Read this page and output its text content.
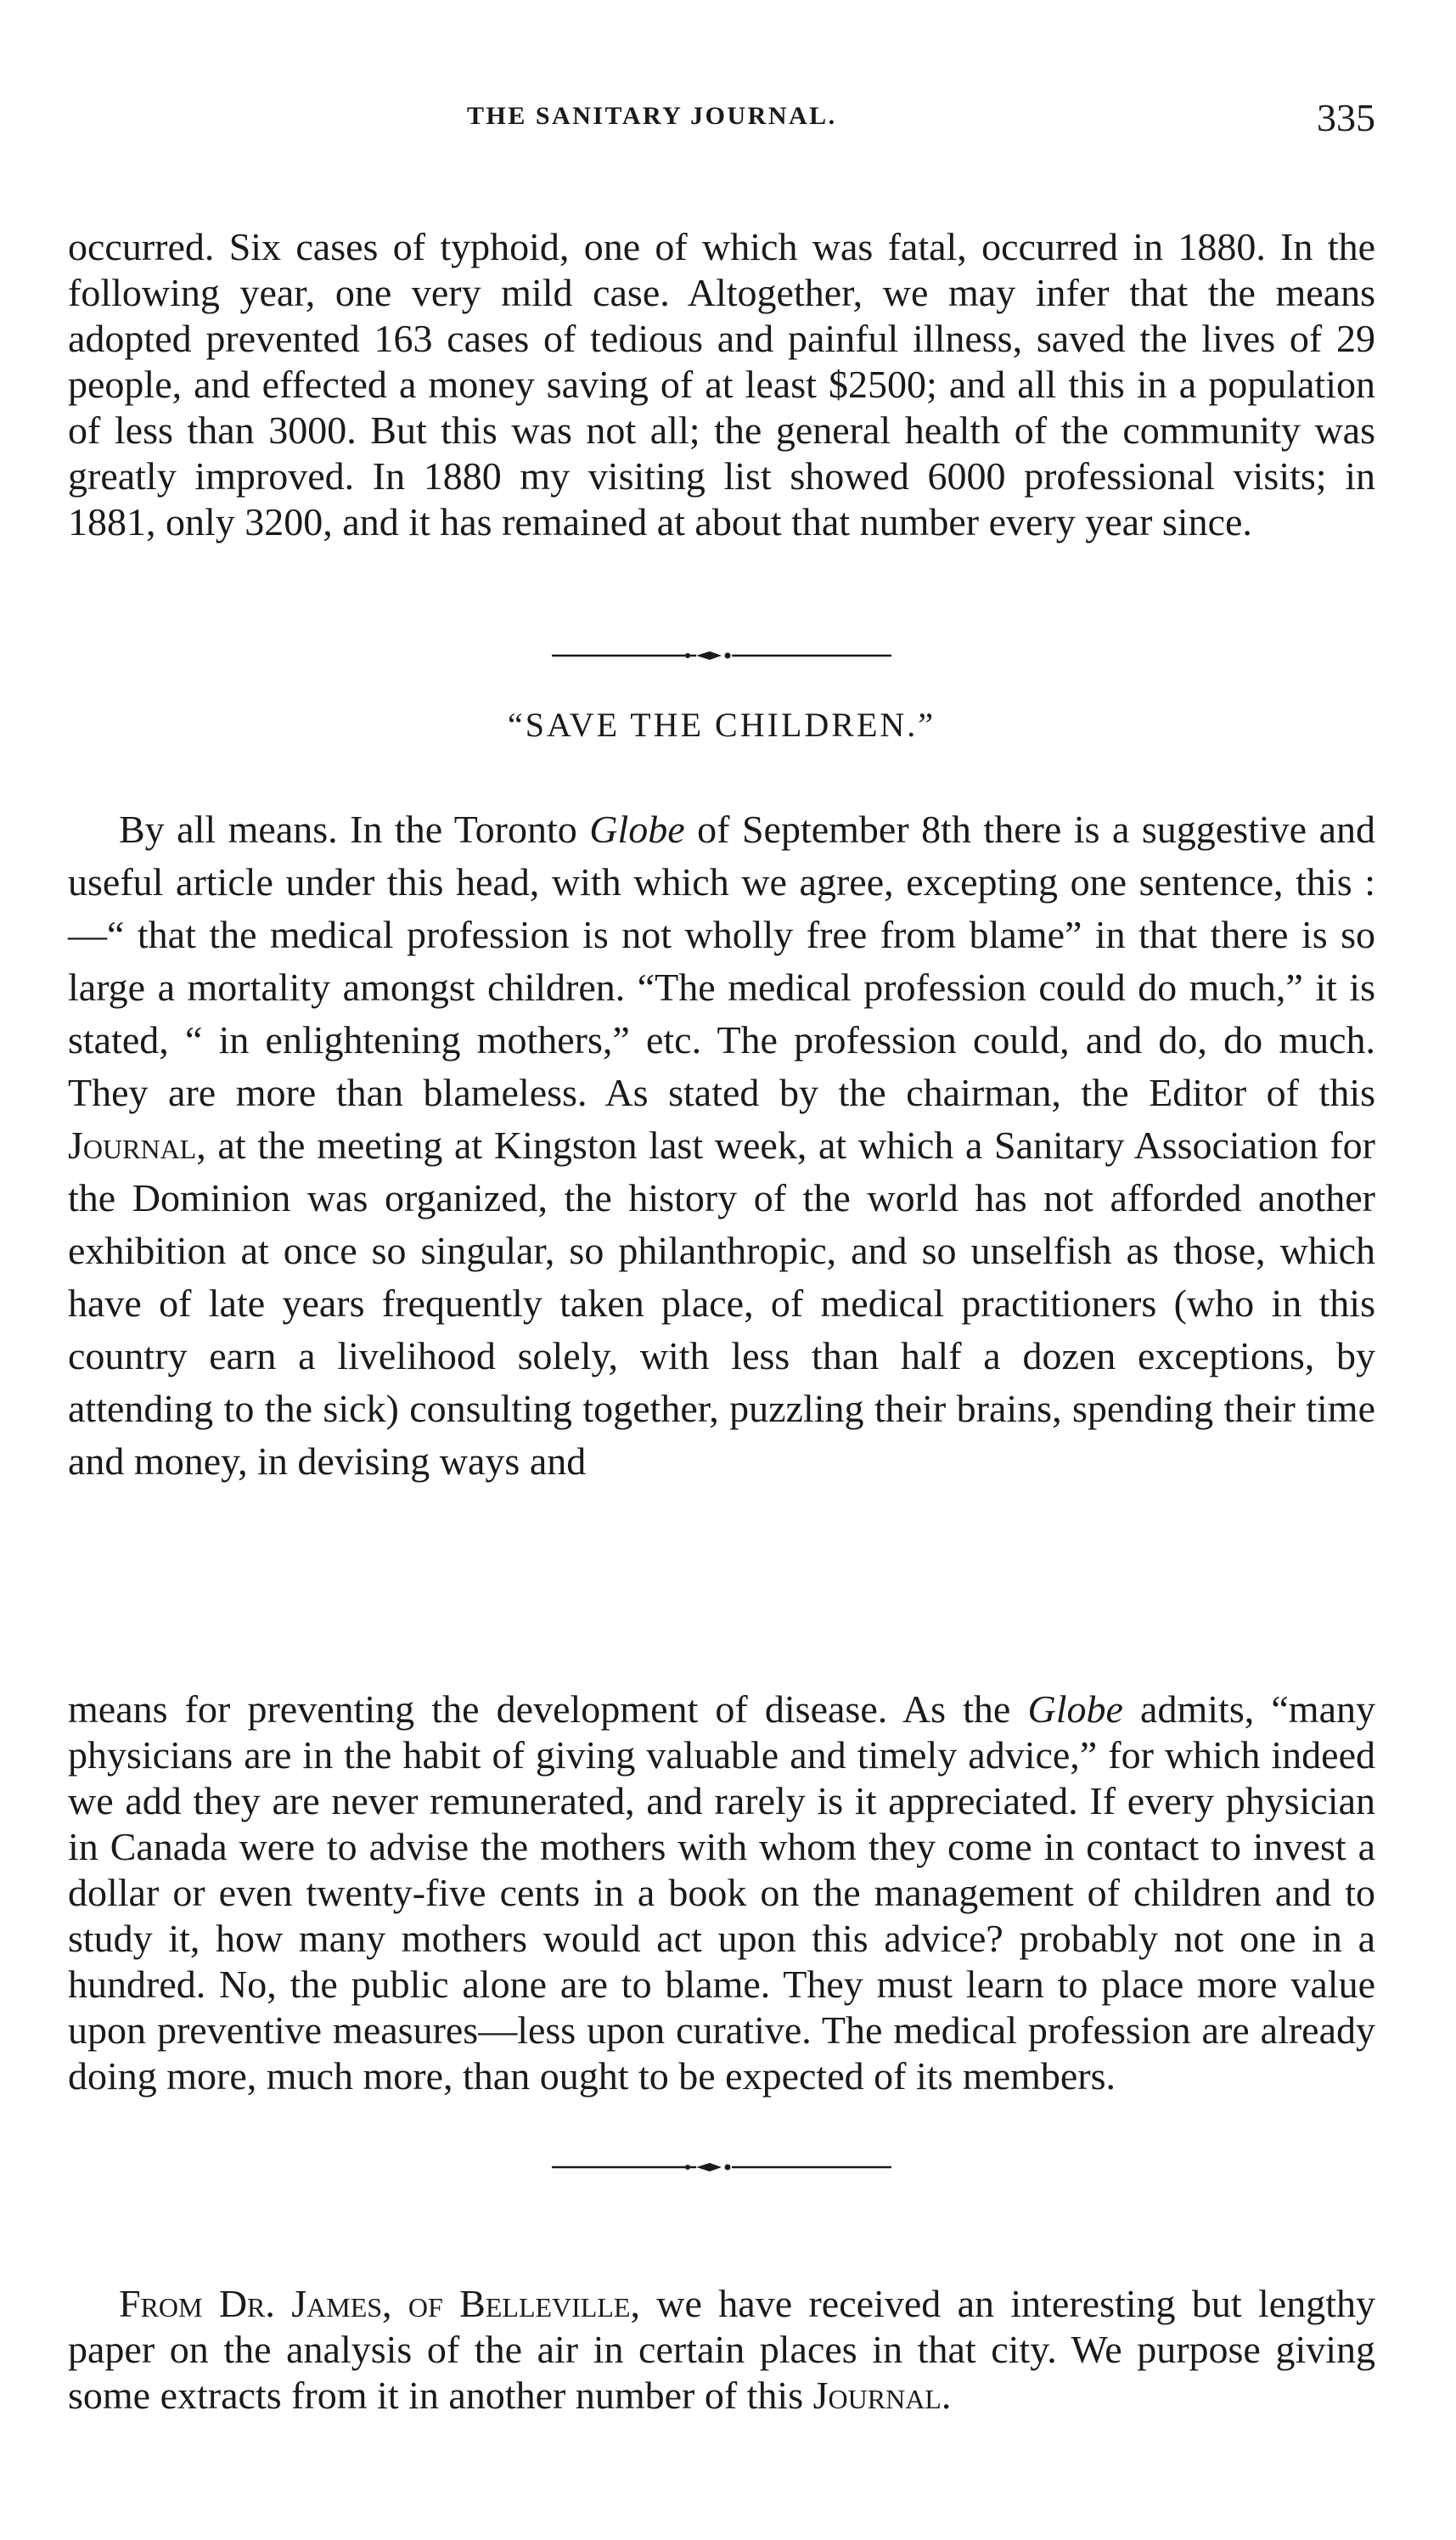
THE SANITARY JOURNAL.	335

occurred. Six cases of typhoid, one of which was fatal, occurred in 1880. In the following year, one very mild case. Altogether, we may infer that the means adopted prevented 163 cases of tedious and painful illness, saved the lives of 29 people, and effected a money saving of at least $2500; and all this in a population of less than 3000. But this was not all; the general health of the community was greatly improved. In 1880 my visiting list showed 6000 professional visits; in 1881, only 3200, and it has remained at about that number every year since.

“SAVE THE CHILDREN.”

By all means. In the Toronto Globe of September 8th there is a suggestive and useful article under this head, with which we agree, excepting one sentence, this :—“ that the medical profession is not wholly free from blame” in that there is so large a mortality amongst children. “The medical profession could do much,” it is stated, “ in enlightening mothers,” etc. The profession could, and do, do much. They are more than blameless. As stated by the chairman, the Editor of this Journal, at the meeting at Kingston last week, at which a Sanitary Association for the Dominion was organized, the history of the world has not afforded another exhibition at once so singular, so philanthropic, and so unselfish as those, which have of late years frequently taken place, of medical practitioners (who in this country earn a livelihood solely, with less than half a dozen exceptions, by attending to the sick) consulting together, puzzling their brains, spending their time and money, in devising ways and

means for preventing the development of disease. As the Globe admits, “many physicians are in the habit of giving valuable and timely advice,” for which indeed we add they are never remunerated, and rarely is it appreciated. If every physician in Canada were to advise the mothers with whom they come in contact to invest a dollar or even twenty-five cents in a book on the management of children and to study it, how many mothers would act upon this advice? probably not one in a hundred. No, the public alone are to blame. They must learn to place more value upon preventive measures—less upon curative. The medical profession are already doing more, much more, than ought to be expected of its members.

From Dr. James, of Belleville, we have received an interesting but lengthy paper on the analysis of the air in certain places in that city. We purpose giving some extracts from it in another number of this Journal.
